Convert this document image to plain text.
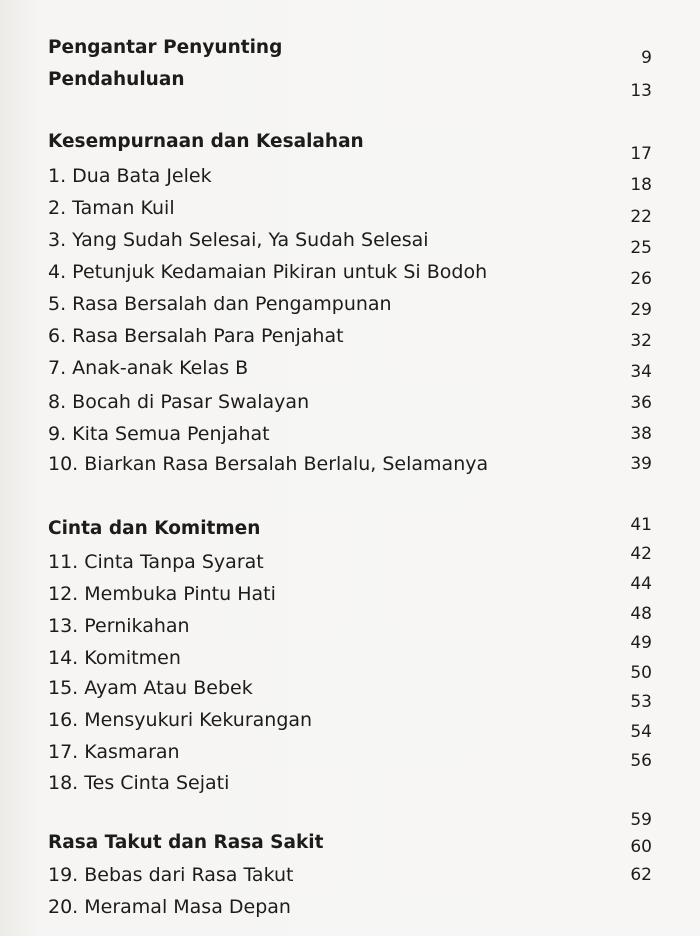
Pengantar Penyunting

Pendahuluan

Kesempurnaan dan Kesalahan

1. Dua Bata Jelek

2. Taman Kuil

3. Yang Sudah Selesai, Ya Sudah Selesai

4. Petunjuk Kedamaian Pikiran untuk Si Bodoh

5. Rasa Bersalah dan Pengampunan

6. Rasa Bersalah Para Penjahat

7. Anak-anak Kelas B

8. Bocah di Pasar Swalayan

9. Kita Semua Penjahat

10. Biarkan Rasa Bersalah Berlalu, Selamanya

Cinta dan Komitmen

11. Cinta Tanpa Syarat

12. Membuka Pintu Hati

13. Pernikahan

14. Komitmen

15. Ayam Atau Bebek

16. Mensyukuri Kekurangan

17. Kasmaran

18. Tes Cinta Sejati

Rasa Takut dan Rasa Sakit

19. Bebas dari Rasa Takut

20. Meramal Masa Depan

9

13

17

18

22

25

26

29

32

34

36

38

39

41

42

44

48

49

50

53

54

56

59

60

62
